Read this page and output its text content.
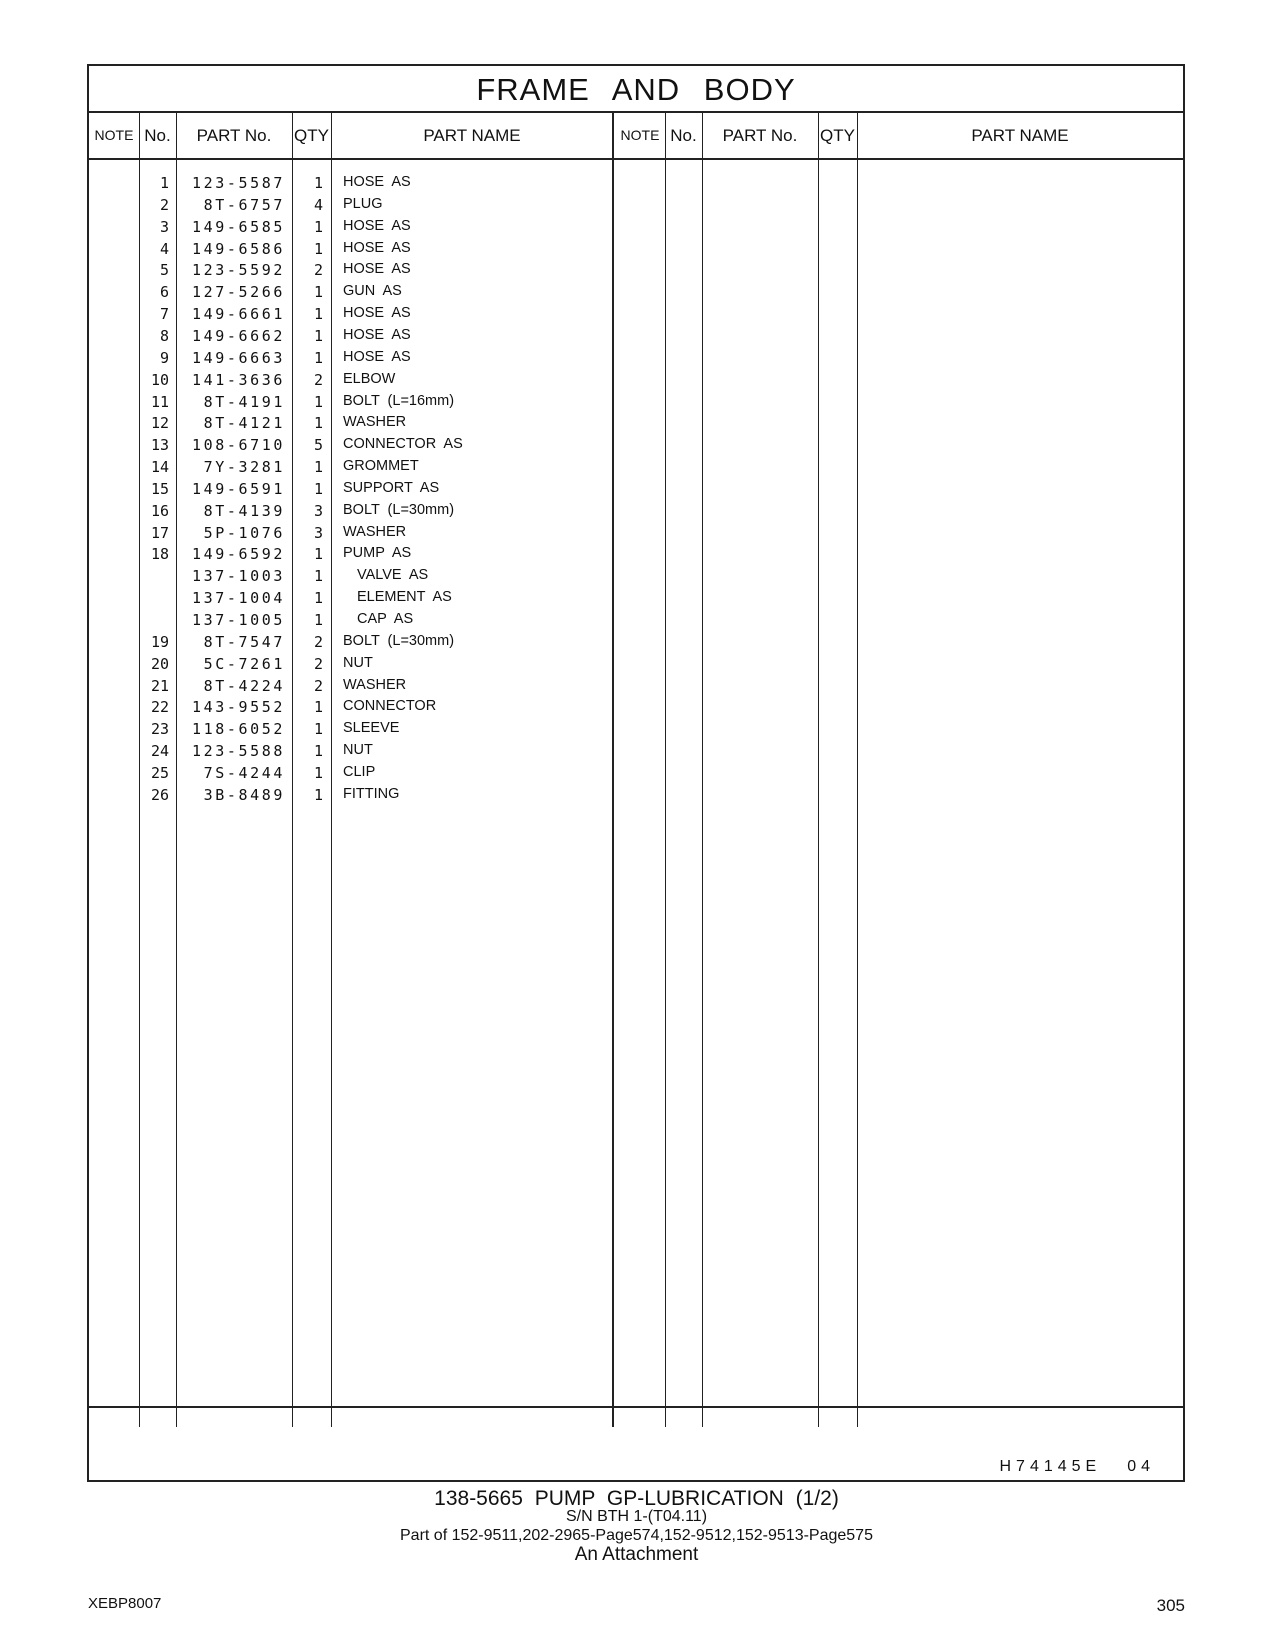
FRAME AND BODY
NOTE No.	PART No.	QTY	PART NAME	NOTE No.	PART No.	QTY	PART NAME
1	123-5587	1 HOSE AS
2	8T-6757	4 PLUG
3	149-6585	1 HOSE AS
4	149-6586	1 HOSE AS
5	123-5592	2 HOSE AS
6	127-5266	1 GUN AS
7	149-6661	1 HOSE AS
8	149-6662	1 HOSE AS
9	149-6663	1 HOSE AS
10	141-3636	2 ELBOW
11	8T-4191	1 BOLT (L=16mm)
12	8T-4121	1 WASHER
13	108-6710	5 CONNECTOR AS
14	7Y-3281	1 GROMMET
15	149-6591	1 SUPPORT AS
16	8T-4139	3 BOLT (L=30mm)
17	5P-1076	3 WASHER
18	149-6592	1 PUMP AS
137-1003	1 VALVE AS
137-1004	1 ELEMENT AS
137-1005	1 CAP AS
19	8T-7547	2 BOLT (L=30mm)
20	5C-7261	2 NUT
21	8T-4224	2 WASHER
22	143-9552	1 CONNECTOR
23	118-6052	1 SLEEVE
24	123-5588	1 NUT
25	7S-4244	1 CLIP
26	3B-8489	1 FITTING
H74145E 04
138-5665 PUMP GP-LUBRICATION (1/2)
S/N BTH 1-(T04.11)
Part of 152-9511,202-2965-Page574,152-9512,152-9513-Page575
An Attachment
XEBP8007	305
